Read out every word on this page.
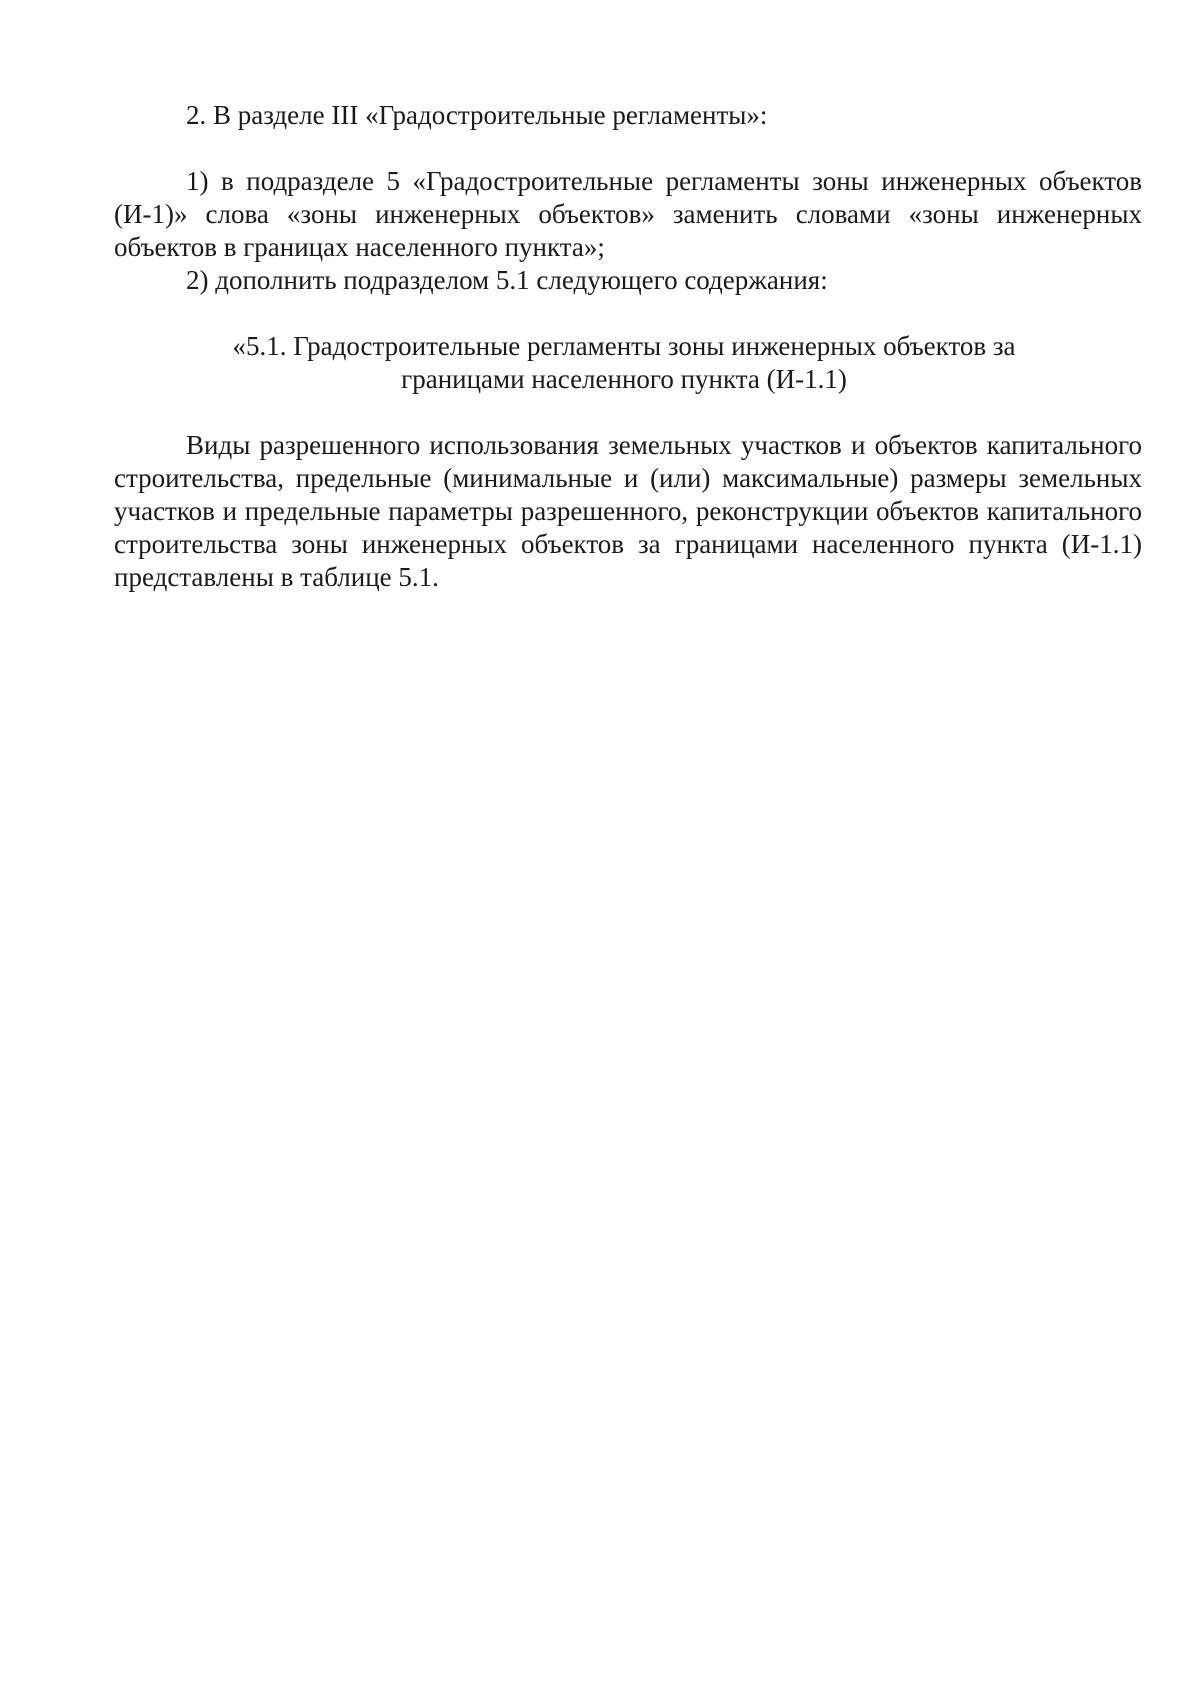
2. В разделе III «Градостроительные регламенты»:

1) в подразделе 5 «Градостроительные регламенты зоны инженерных объектов (И-1)» слова «зоны инженерных объектов» заменить словами «зоны инженерных объектов в границах населенного пункта»;

2) дополнить подразделом 5.1 следующего содержания:

«5.1. Градостроительные регламенты зоны инженерных объектов за границами населенного пункта (И-1.1)

Виды разрешенного использования земельных участков и объектов капитального строительства, предельные (минимальные и (или) максимальные) размеры земельных участков и предельные параметры разрешенного, реконструкции объектов капитального строительства зоны инженерных объектов за границами населенного пункта (И-1.1) представлены в таблице 5.1.
